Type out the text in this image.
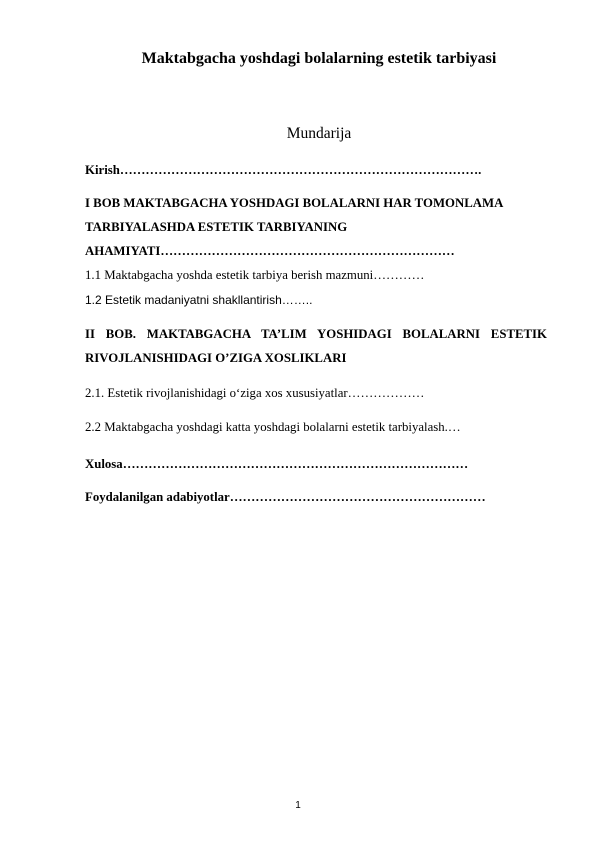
Maktabgacha yoshdagi bolalarning estetik tarbiyasi
Mundarija
Kirish………………………………………………………………………….
I BOB MAKTABGACHA YOSHDAGI BOLALARNI HAR TOMONLAMA
TARBIYALASHDA ESTETIK TARBIYANING
AHAMIYATI……………………………………………………………
1.1 Maktabgacha yoshda estetik tarbiya berish mazmuni…………
1.2 Estetik madaniyatni shakllantirish……..
II BOB. MAKTABGACHA TA’LIM YOSHIDAGI BOLALARNI ESTETIK
RIVOJLANISHIDAGI O’ZIGA XOSLIKLARI
2.1. Estetik rivojlanishidagi o‘ziga xos xususiyatlar………………
2.2 Maktabgacha yoshdagi katta yoshdagi bolalarni estetik tarbiyalash.…
Xulosa………………………………………………………………………
Foydalanilgan adabiyotlar……………………………………………………
1
